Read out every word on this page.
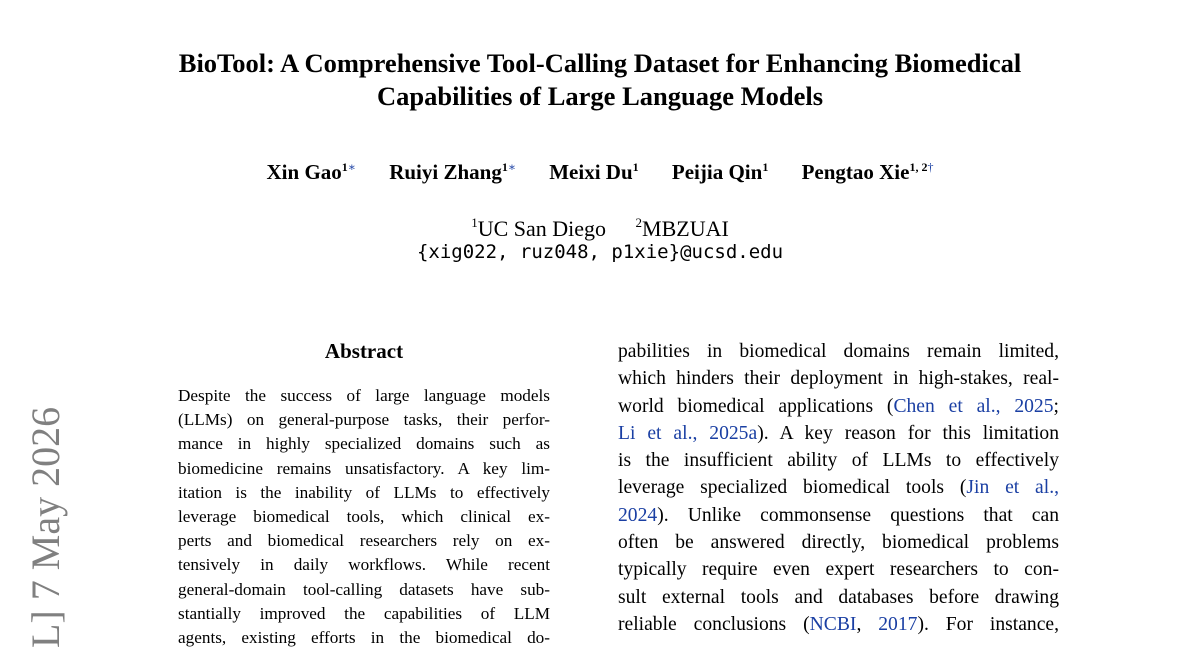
BioTool: A Comprehensive Tool-Calling Dataset for Enhancing Biomedical
Capabilities of Large Language Models
Xin Gao$^{1∗}$ Ruiyi Zhang$^{1∗}$ Meixi Du$^1$ Peijia Qin$^1$ Pengtao Xie$^{1, 2\dagger}$
$^1$UC San Diego $^2$MBZUAI
{xig022, ruz048, p1xie}@ucsd.edu
Abstract
Despite the success of large language models
(LLMs) on general-purpose tasks, their perfor-
mance in highly specialized domains such as
biomedicine remains unsatisfactory. A key lim-
itation is the inability of LLMs to effectively
leverage biomedical tools, which clinical ex-
perts and biomedical researchers rely on ex-
tensively in daily workflows. While recent
general-domain tool-calling datasets have sub-
stantially improved the capabilities of LLM
agents, existing efforts in the biomedical do-
pabilities in biomedical domains remain limited,
which hinders their deployment in high-stakes, real-
world biomedical applications (Chen et al., 2025;
Li et al., 2025a). A key reason for this limitation
is the insufficient ability of LLMs to effectively
leverage specialized biomedical tools (Jin et al.,
2024). Unlike commonsense questions that can
often be answered directly, biomedical problems
typically require even expert researchers to con-
sult external tools and databases before drawing
reliable conclusions (NCBI, 2017). For instance,
L] 7 May 2026
